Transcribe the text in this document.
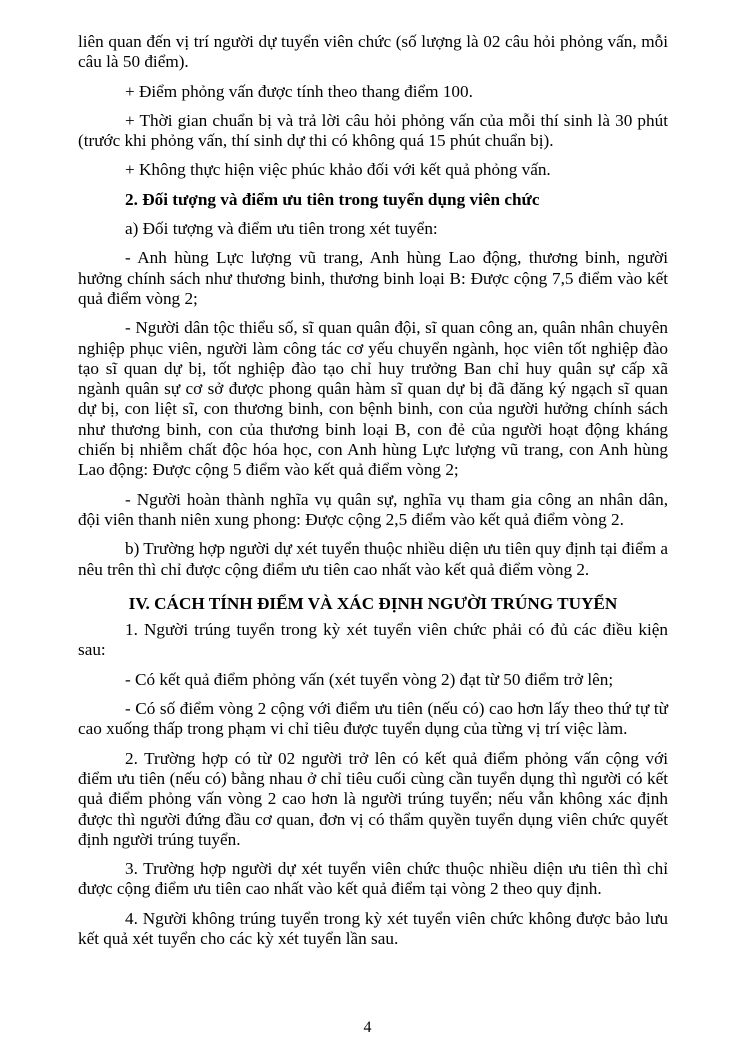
liên quan đến vị trí người dự tuyển viên chức (số lượng là 02 câu hỏi phỏng vấn, mỗi câu là 50 điểm).

+ Điểm phỏng vấn được tính theo thang điểm 100.

+ Thời gian chuẩn bị và trả lời câu hỏi phỏng vấn của mỗi thí sinh là 30 phút (trước khi phỏng vấn, thí sinh dự thi có không quá 15 phút chuẩn bị).

+ Không thực hiện việc phúc khảo đối với kết quả phỏng vấn.

2. Đối tượng và điểm ưu tiên trong tuyển dụng viên chức

a) Đối tượng và điểm ưu tiên trong xét tuyển:

- Anh hùng Lực lượng vũ trang, Anh hùng Lao động, thương binh, người hưởng chính sách như thương binh, thương binh loại B: Được cộng 7,5 điểm vào kết quả điểm vòng 2;

- Người dân tộc thiểu số, sĩ quan quân đội, sĩ quan công an, quân nhân chuyên nghiệp phục viên, người làm công tác cơ yếu chuyển ngành, học viên tốt nghiệp đào tạo sĩ quan dự bị, tốt nghiệp đào tạo chỉ huy trưởng Ban chỉ huy quân sự cấp xã ngành quân sự cơ sở được phong quân hàm sĩ quan dự bị đã đăng ký ngạch sĩ quan dự bị, con liệt sĩ, con thương binh, con bệnh binh, con của người hưởng chính sách như thương binh, con của thương binh loại B, con đẻ của người hoạt động kháng chiến bị nhiễm chất độc hóa học, con Anh hùng Lực lượng vũ trang, con Anh hùng Lao động: Được cộng 5 điểm vào kết quả điểm vòng 2;

- Người hoàn thành nghĩa vụ quân sự, nghĩa vụ tham gia công an nhân dân, đội viên thanh niên xung phong: Được cộng 2,5 điểm vào kết quả điểm vòng 2.

b) Trường hợp người dự xét tuyển thuộc nhiều diện ưu tiên quy định tại điểm a nêu trên thì chỉ được cộng điểm ưu tiên cao nhất vào kết quả điểm vòng 2.

IV. CÁCH TÍNH ĐIỂM VÀ XÁC ĐỊNH NGƯỜI TRÚNG TUYỂN

1. Người trúng tuyển trong kỳ xét tuyển viên chức phải có đủ các điều kiện sau:

- Có kết quả điểm phỏng vấn (xét tuyển vòng 2) đạt từ 50 điểm trở lên;

- Có số điểm vòng 2 cộng với điểm ưu tiên (nếu có) cao hơn lấy theo thứ tự từ cao xuống thấp trong phạm vi chỉ tiêu được tuyển dụng của từng vị trí việc làm.

2. Trường hợp có từ 02 người trở lên có kết quả điểm phỏng vấn cộng với điểm ưu tiên (nếu có) bằng nhau ở chỉ tiêu cuối cùng cần tuyển dụng thì người có kết quả điểm phỏng vấn vòng 2 cao hơn là người trúng tuyển; nếu vẫn không xác định được thì người đứng đầu cơ quan, đơn vị có thẩm quyền tuyển dụng viên chức quyết định người trúng tuyển.

3. Trường hợp người dự xét tuyển viên chức thuộc nhiều diện ưu tiên thì chỉ được cộng điểm ưu tiên cao nhất vào kết quả điểm tại vòng 2 theo quy định.

4. Người không trúng tuyển trong kỳ xét tuyển viên chức không được bảo lưu kết quả xét tuyển cho các kỳ xét tuyển lần sau.

4
